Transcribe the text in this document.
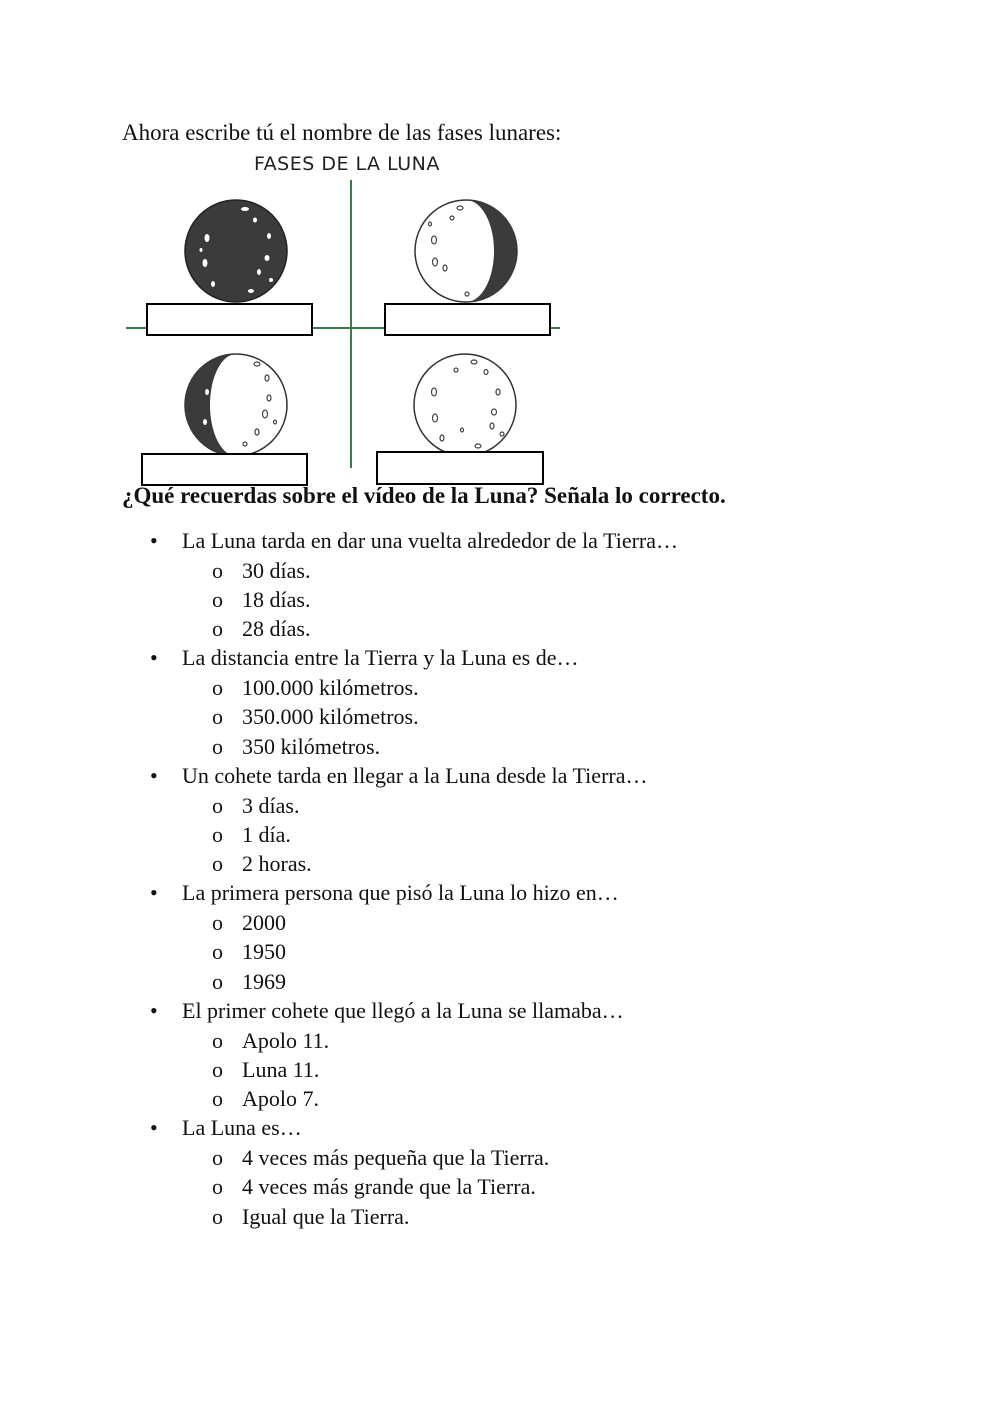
Ahora escribe tú el nombre de las fases lunares:

FASES DE LA LUNA

¿Qué recuerdas sobre el vídeo de la Luna? Señala lo correcto.

•	La Luna tarda en dar una vuelta alrededor de la Tierra…
o 30 días.
o 18 días.
o 28 días.
•	La distancia entre la Tierra y la Luna es de…
o 100.000 kilómetros.
o 350.000 kilómetros.
o 350 kilómetros.
•	Un cohete tarda en llegar a la Luna desde la Tierra…
o 3 días.
o 1 día.
o 2 horas.
•	La primera persona que pisó la Luna lo hizo en…
o 2000
o 1950
o 1969
•	El primer cohete que llegó a la Luna se llamaba…
o Apolo 11.
o Luna 11.
o Apolo 7.
•	La Luna es…
o 4 veces más pequeña que la Tierra.
o 4 veces más grande que la Tierra.
o Igual que la Tierra.
